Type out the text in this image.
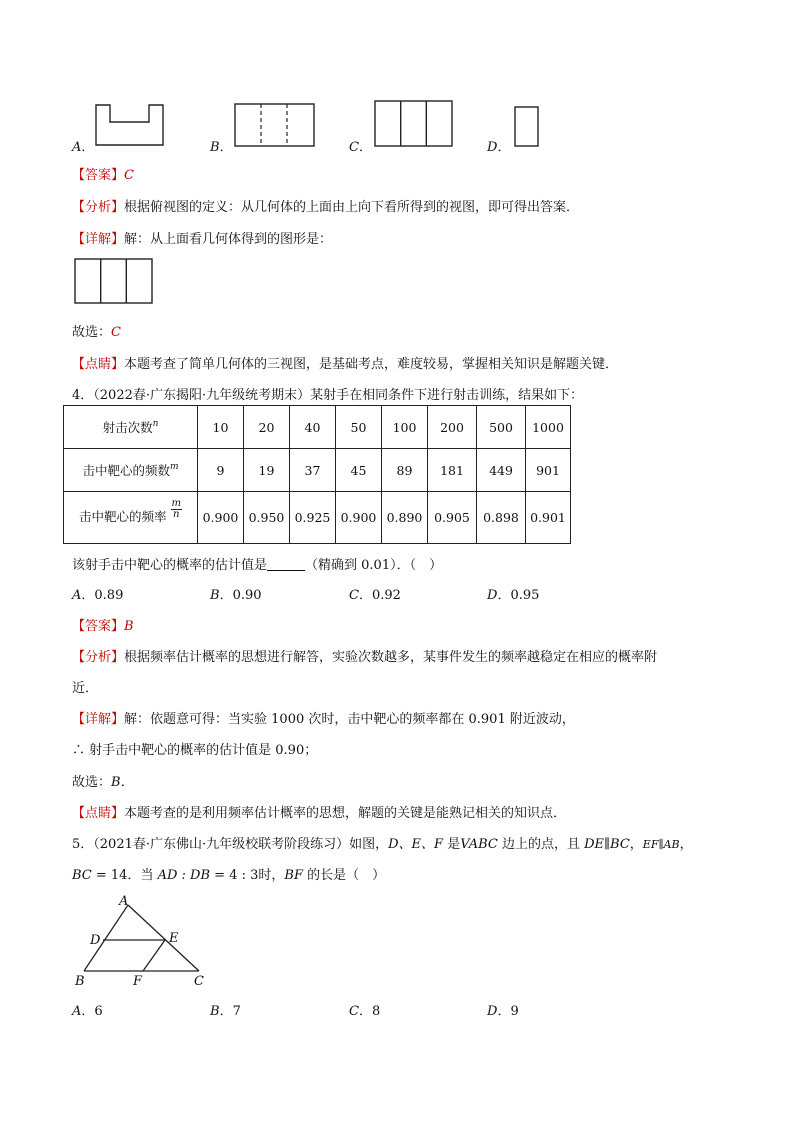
A．	B．	C．	D．
【答案】C
【分析】根据俯视图的定义：从几何体的上面由上向下看所得到的视图，即可得出答案．
【详解】解：从上面看几何体得到的图形是：
故选：C
【点睛】本题考查了简单几何体的三视图，是基础考点，难度较易，掌握相关知识是解题关键．
4．（2022春·广东揭阳·九年级统考期末）某射手在相同条件下进行射击训练，结果如下：
射击次数$^n$	10	20	40	50	100	200	500	1000
击中靶心的频数$^m$	9	19	37	45	89	181	449	901
击中靶心的频率 $\frac{m}{n}$	0.900	0.950	0.925	0.900	0.890	0.905	0.898	0.901
该射手击中靶心的概率的估计值是	（精确到 0.01）．（　）
A．0.89	B．0.90	C．0.92	D．0.95
【答案】B
【分析】根据频率估计概率的思想进行解答，实验次数越多，某事件发生的频率越稳定在相应的概率附
近．
【详解】解：依题意可得：当实验 1000 次时，击中靶心的频率都在 0.901 附近波动，
∴ 射手击中靶心的概率的估计值是 0.90；
故选：B．
【点睛】本题考查的是利用频率估计概率的思想，解题的关键是能熟记相关的知识点．
5．（2021春·广东佛山·九年级校联考阶段练习）如图，D、E、F 是VABC 边上的点，且 DE∥BC，EF∥AB，
BC = 14．当 AD : DB = 4 : 3时，BF 的长是（　）
A
D	E
B	F	C
A．6	B．7	C．8	D．9
